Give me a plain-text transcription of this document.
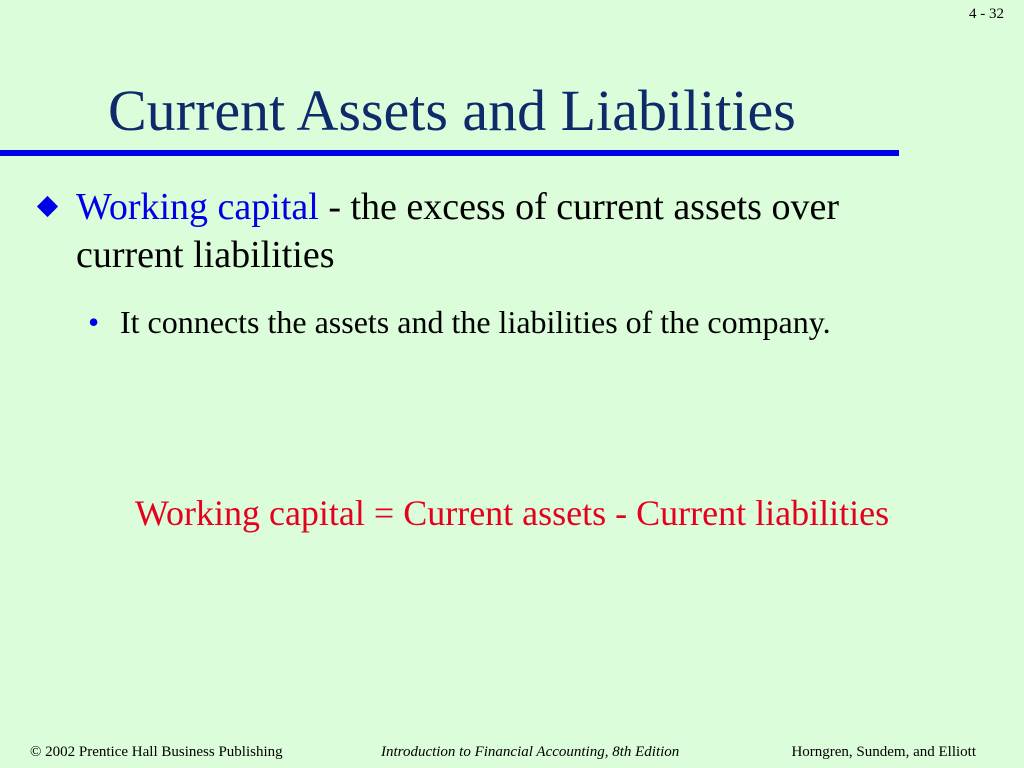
4 - 32
Current Assets and Liabilities
Working capital - the excess of current assets over current liabilities
• It connects the assets and the liabilities of the company.
Working capital = Current assets - Current liabilities
© 2002 Prentice Hall Business Publishing	Introduction to Financial Accounting, 8th Edition	Horngren, Sundem, and Elliott
